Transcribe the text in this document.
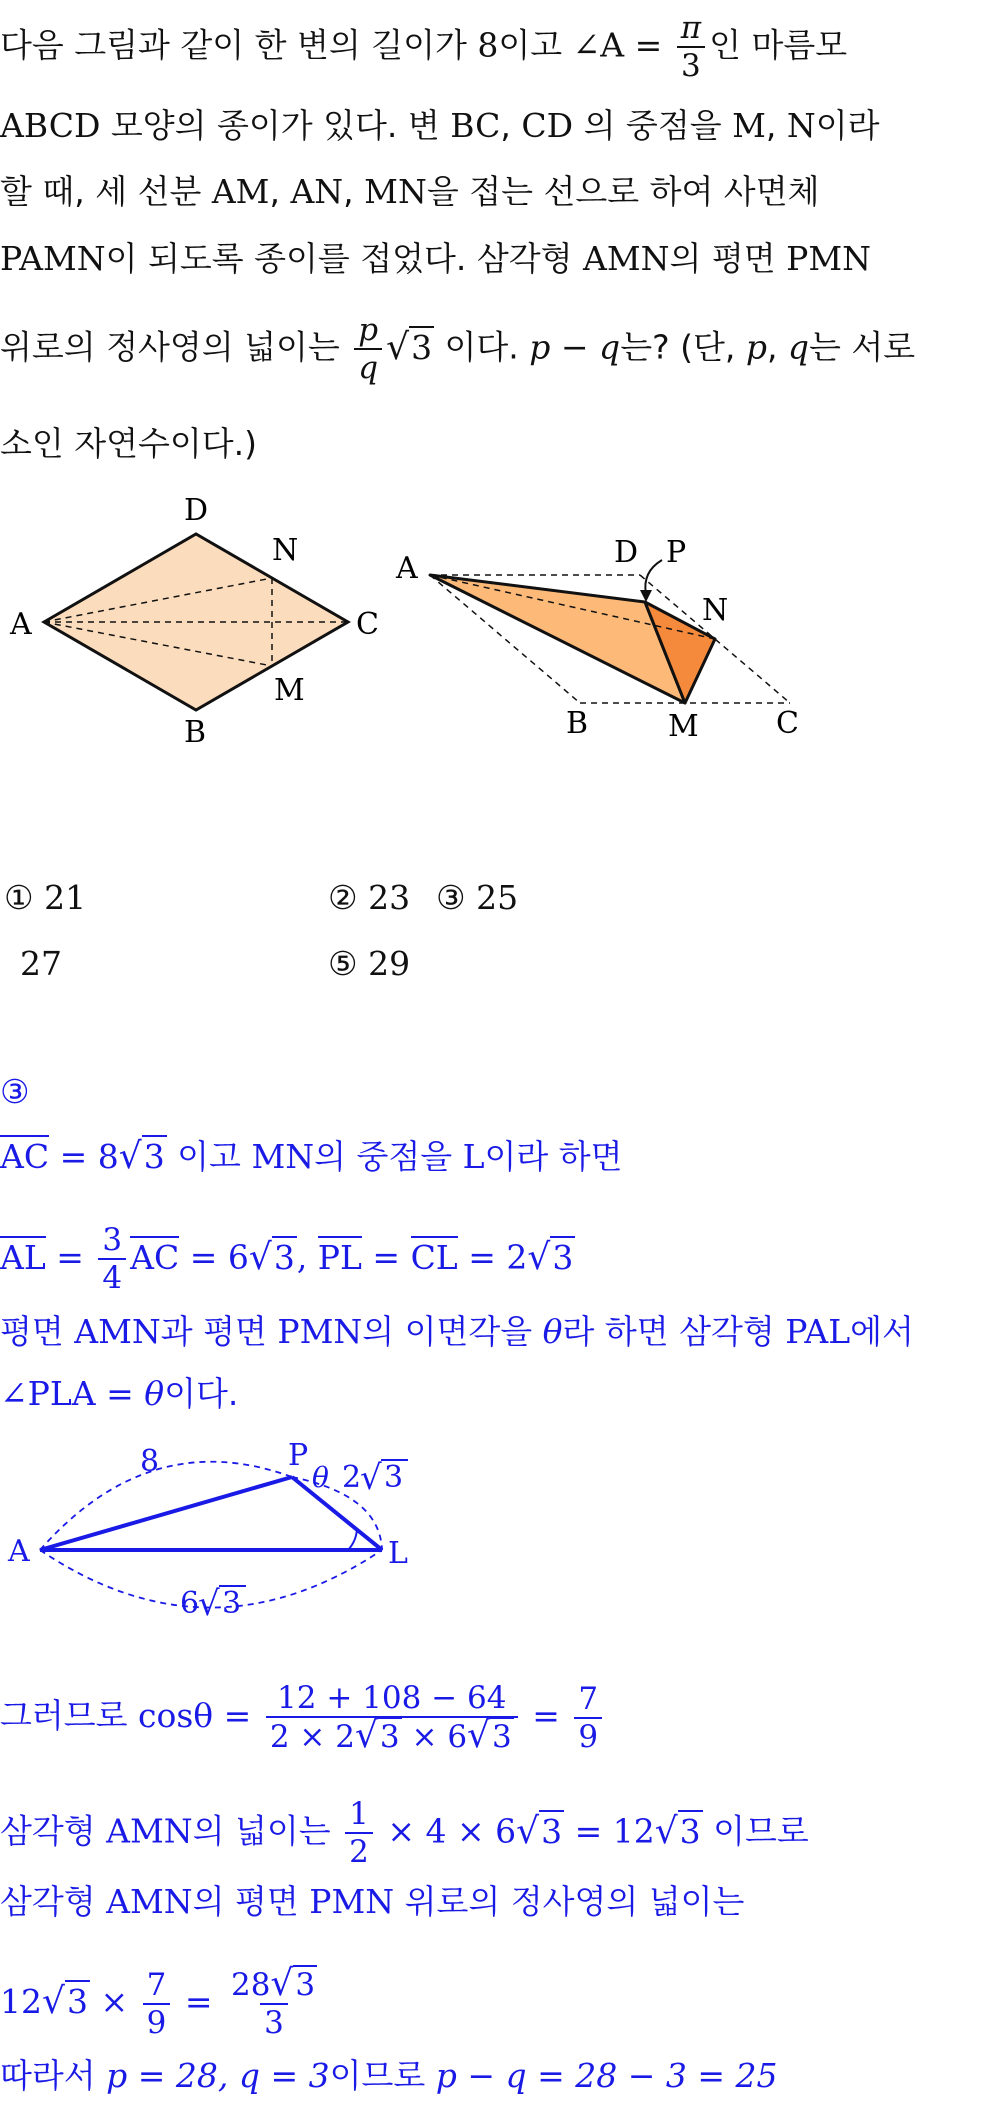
다음 그림과 같이 한 변의 길이가 8이고 ∠A = $\frac{\pi}{3}$ 인 마름모
ABCD 모양의 종이가 있다. 변 BC, CD 의 중점을 M, N이라
할 때, 세 선분 AM, AN, MN을 접는 선으로 하여 사면체
PAMN이 되도록 종이를 접었다. 삼각형 AMN의 평면 PMN
위로의 정사영의 넓이는 $\frac{p}{q} √3$ 이다. p − q는? (단, p, q는 서로
소인 자연수이다.)
A
D
N
C
M
B
A	D P
N
B	M	C
① 21	② 23 ③ 25
27	⑤ 29
③
AC = 8√3 이고 MN의 중점을 L이라 하면
AL = $\frac{3}{4}$ AC = 6√3, PL = CL = 2√3
평면 AMN과 평면 PMN의 이면각을 θ라 하면 삼각형 PAL에서
∠PLA = θ이다.
A
P
L
8	θ 2
√ 3
6
√ 3
그러므로 $\cos\theta = \frac{12 + 108 - 64}{2 \times 2√3 \times 6√3} = \frac{7}{9}$
삼각형 AMN의 넓이는 $\frac{1}{2} \times 4 \times 6√3 = 12√3$ 이므로
삼각형 AMN의 평면 PMN 위로의 정사영의 넓이는
$12√3 \times \frac{7}{9} = \frac{28√3}{3}$
따라서 p = 28, q = 3이므로 p − q = 28 − 3 = 25
